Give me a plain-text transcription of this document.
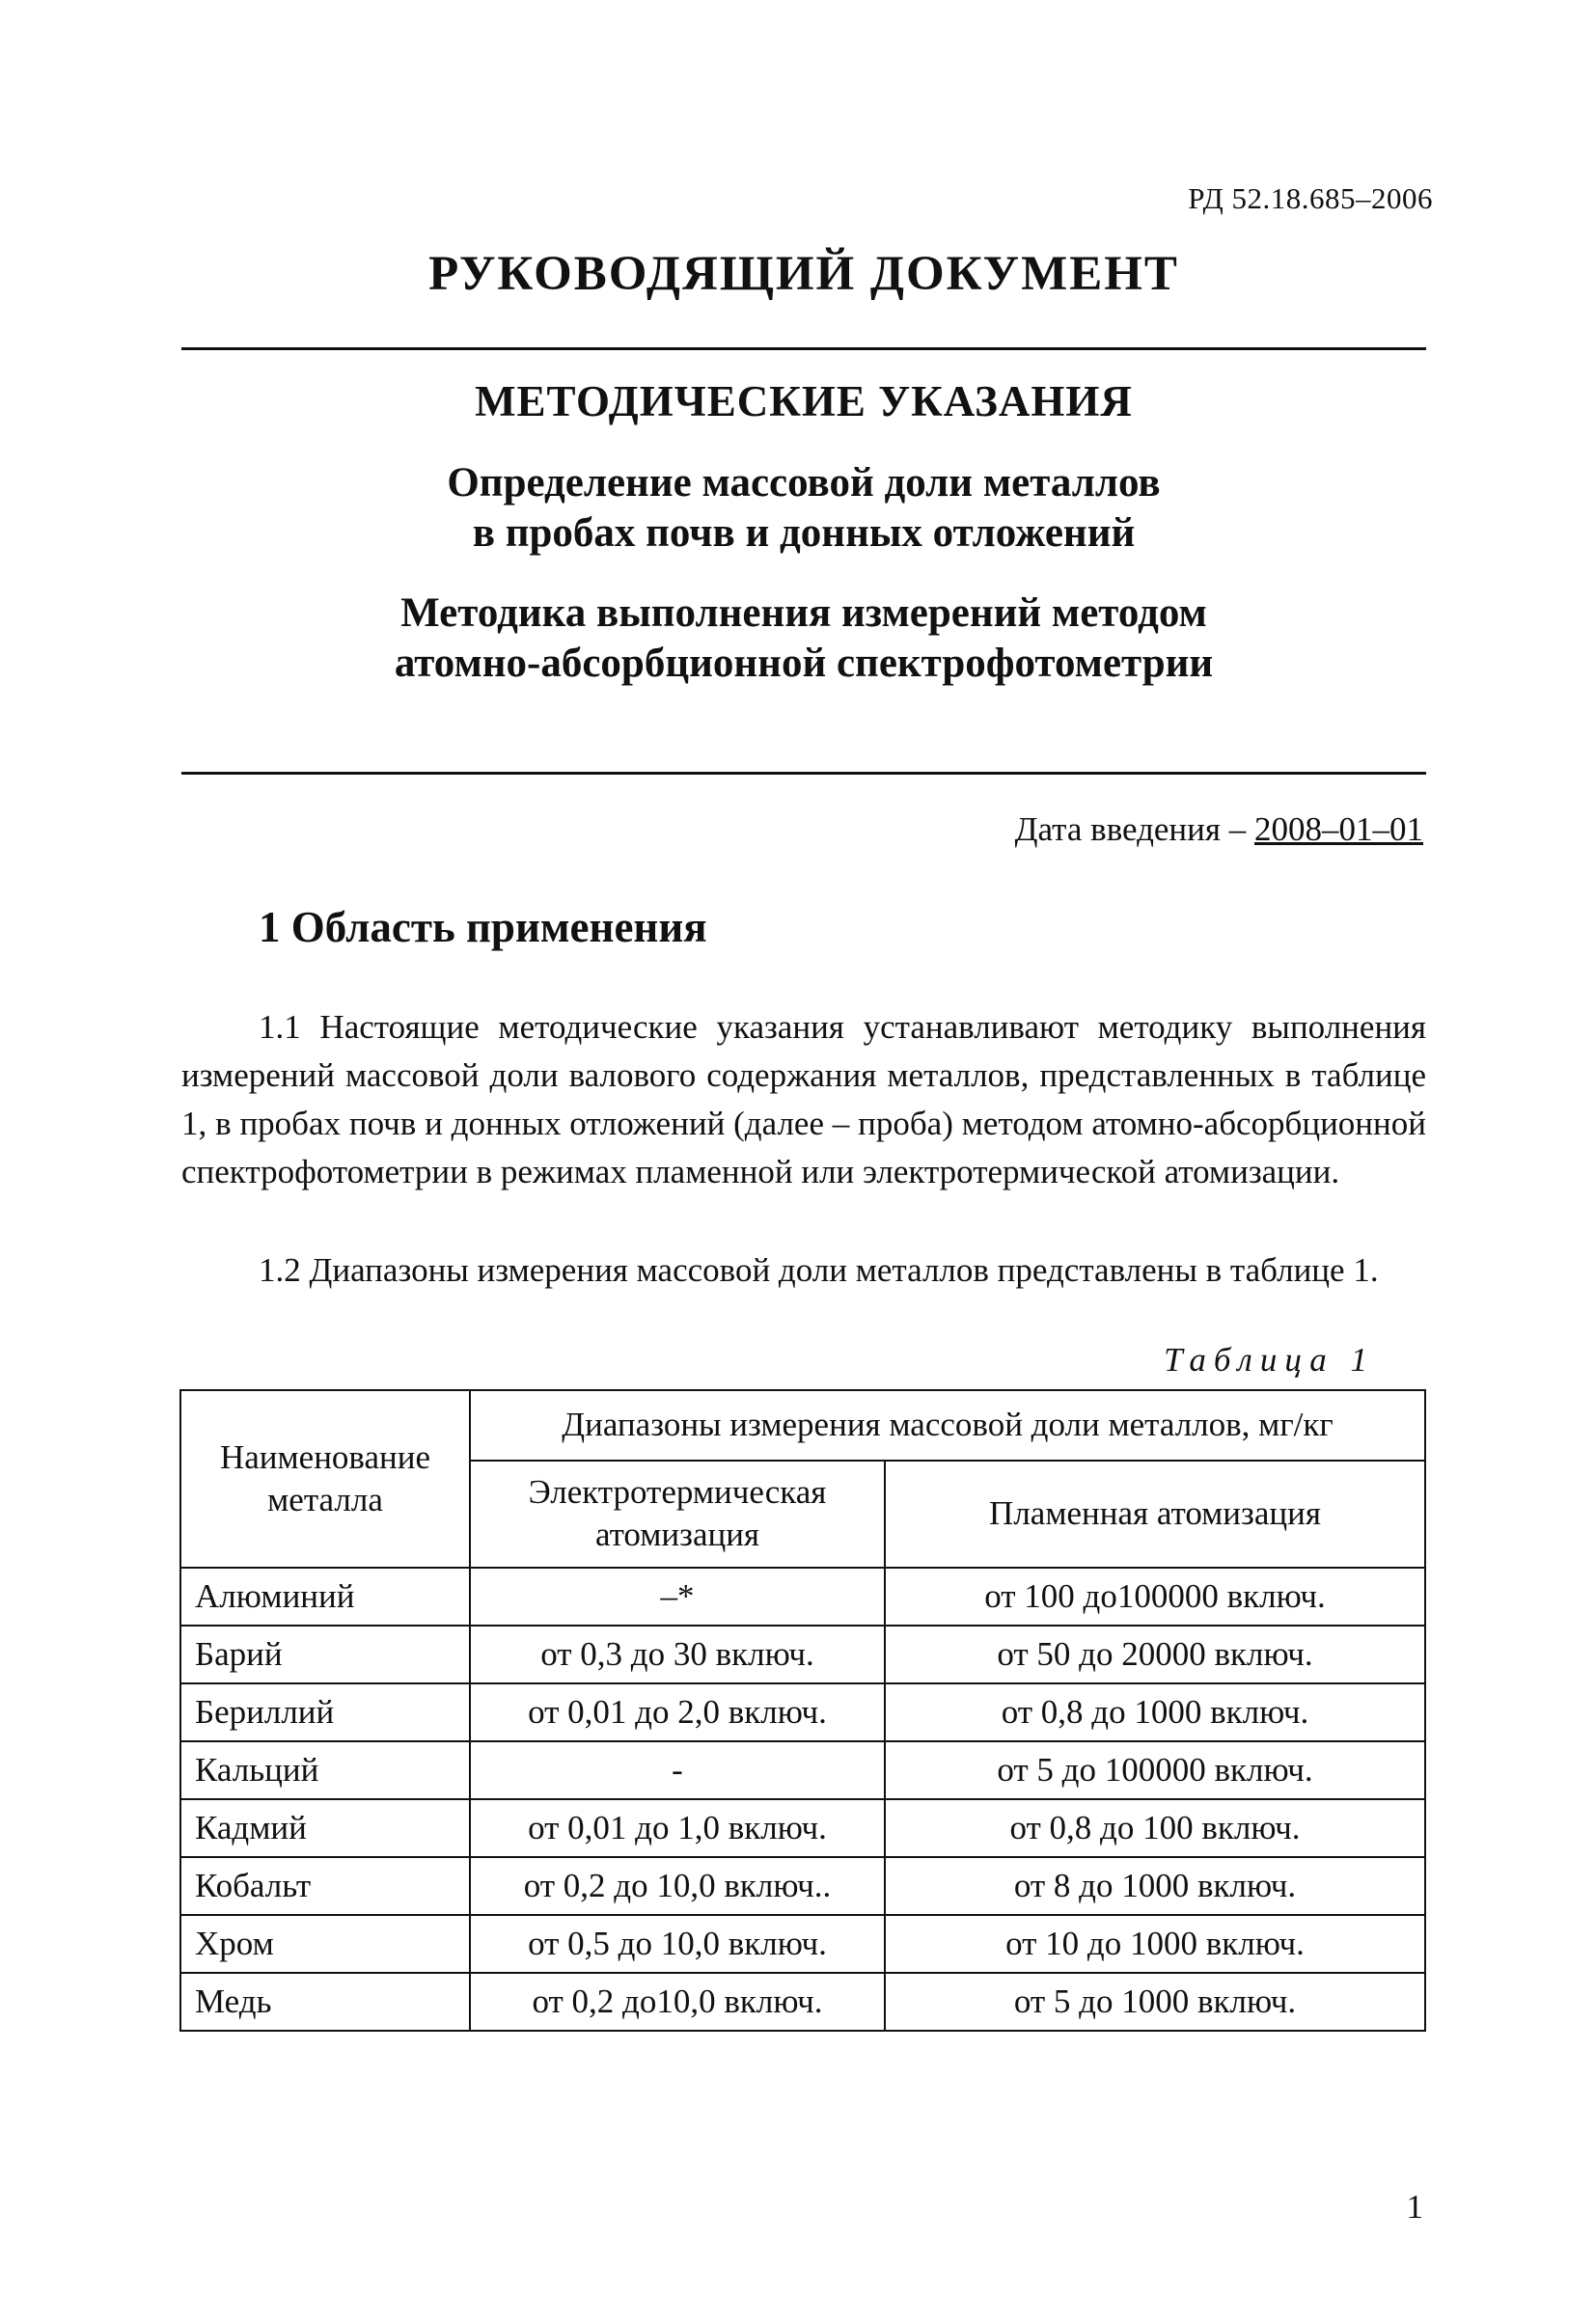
РД 52.18.685–2006
РУКОВОДЯЩИЙ ДОКУМЕНТ
МЕТОДИЧЕСКИЕ УКАЗАНИЯ
Определение массовой доли металлов
в пробах почв и донных отложений
Методика выполнения измерений методом
атомно-абсорбционной спектрофотометрии
Дата введения – 2008–01–01
1 Область применения

1.1 Настоящие методические указания устанавливают методику выполнения измерений массовой доли валового содержания металлов, представленных в таблице 1, в пробах почв и донных отложений (далее – проба) методом атомно-абсорбционной спектрофотометрии в режимах пламенной или электротермической атомизации.

1.2 Диапазоны измерения массовой доли металлов представлены в таблице 1.

Таблица 1
Наименование металла	Диапазоны измерения массовой доли металлов, мг/кг	
	Электротермическая атомизация	Пламенная атомизация
Алюминий	–*	от 100 до100000 включ.
Барий	от 0,3 до 30 включ.	от 50 до 20000 включ.
Бериллий	от 0,01 до 2,0 включ.	от 0,8 до 1000 включ.
Кальций	-	от 5 до 100000 включ.
Кадмий	от 0,01 до 1,0 включ.	от 0,8 до 100 включ.
Кобальт	от 0,2 до 10,0 включ..	от 8 до 1000 включ.
Хром	от 0,5 до 10,0 включ.	от 10 до 1000 включ.
Медь	от 0,2 до10,0 включ.	от 5 до 1000 включ.
1
